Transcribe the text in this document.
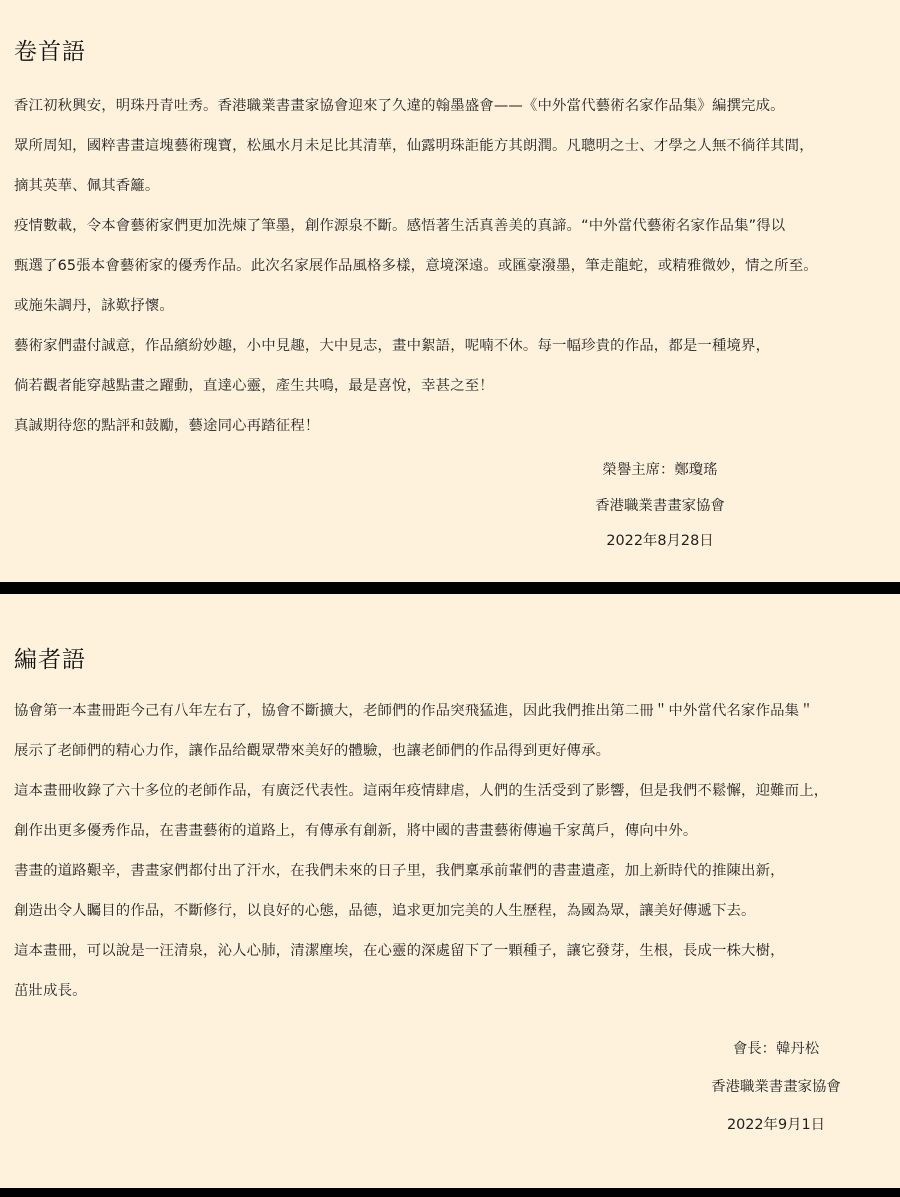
卷首語

香江初秋興安，明珠丹青吐秀。香港職業書畫家協會迎來了久違的翰墨盛會——《中外當代藝術名家作品集》編撰完成。

眾所周知，國粹書畫這塊藝術瑰寶，松風水月未足比其清華，仙露明珠詎能方其朗潤。凡聰明之士、才學之人無不徜徉其間，
摘其英華、佩其香籬。

疫情數載，令本會藝術家們更加洗煉了筆墨，創作源泉不斷。感悟著生活真善美的真諦。“中外當代藝術名家作品集”得以
甄選了65張本會藝術家的優秀作品。此次名家展作品風格多樣，意境深遠。或匯豪潑墨，筆走龍蛇，或精雅微妙，情之所至。
或施朱調丹，詠歎抒懷。

藝術家們盡付誠意，作品繽紛妙趣，小中見趣，大中見志，畫中絮語，呢喃不休。每一幅珍貴的作品，都是一種境界，
倘若觀者能穿越點畫之躍動，直達心靈，產生共鳴，最是喜悅，幸甚之至！

真誠期待您的點評和鼓勵，藝途同心再踏征程！

榮譽主席：鄭瓊瑤
香港職業書畫家協會
2022年8月28日
編者語

協會第一本畫冊距今己有八年左右了，協會不斷擴大，老師們的作品突飛猛進，因此我們推出第二冊＂中外當代名家作品集＂
展示了老師們的精心力作，讓作品给觀眾帶來美好的體驗，也讓老師們的作品得到更好傳承。

這本畫冊收錄了六十多位的老師作品，有廣泛代表性。這兩年疫情肆虐，人們的生活受到了影響，但是我們不鬆懈，迎難而上，
創作出更多優秀作品，在書畫藝術的道路上，有傳承有創新，將中國的書畫藝術傳遍千家萬戶，傳向中外。

書畫的道路艱辛，書畫家們都付出了汗水，在我們未來的日子里，我們稟承前輩們的書畫遺產，加上新時代的推陳出新，
創造出令人矚目的作品，不斷修行，以良好的心態，品德，追求更加完美的人生歷程，為國為眾，讓美好傳遞下去。

這本畫冊，可以說是一汪清泉，沁人心肺，清潔塵埃，在心靈的深處留下了一顆種子，讓它發芽，生根，長成一株大樹，
茁壯成長。

會長：韓丹松
香港職業書畫家協會
2022年9月1日
